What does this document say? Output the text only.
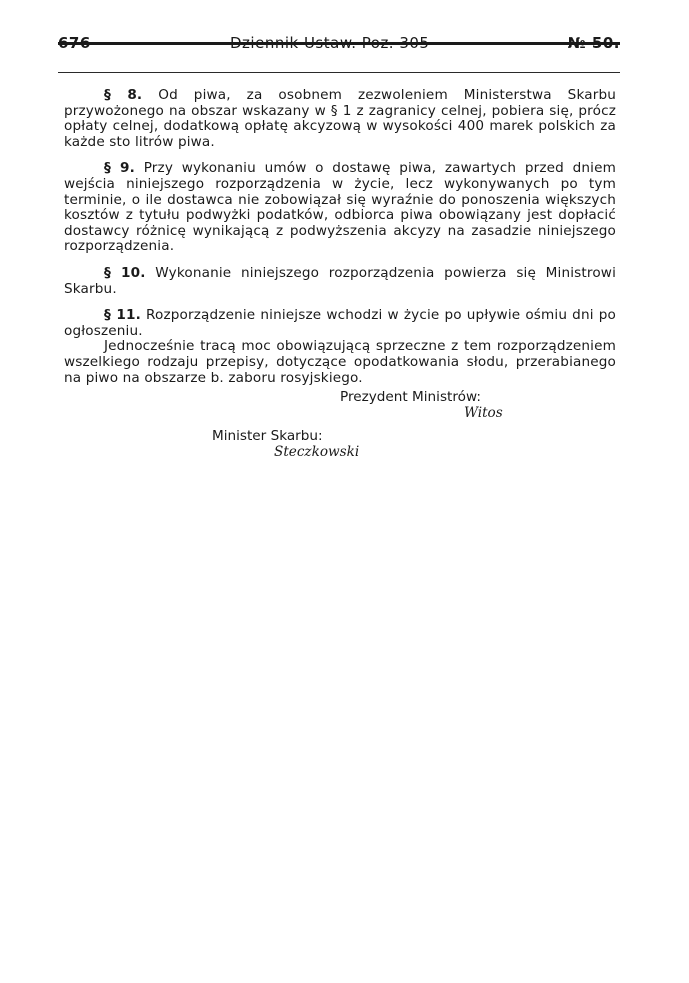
676	Dziennik Ustaw. Poz. 305	№ 50.

§ 8. Od piwa, za osobnem zezwoleniem Ministerstwa Skarbu przywożonego na obszar wskazany w § 1 z zagranicy celnej, pobiera się, prócz opłaty celnej, dodatkową opłatę akcyzową w wysokości 400 marek polskich za każde sto litrów piwa.

§ 9. Przy wykonaniu umów o dostawę piwa, zawartych przed dniem wejścia niniejszego rozporządzenia w życie, lecz wykonywanych po tym terminie, o ile dostawca nie zobowiązał się wyraźnie do ponoszenia większych kosztów z tytułu podwyżki podatków, odbiorca piwa obowiązany jest dopłacić dostawcy różnicę wynikającą z podwyższenia akcyzy na zasadzie niniejszego rozporządzenia.

§ 10. Wykonanie niniejszego rozporządzenia powierza się Ministrowi Skarbu.

§ 11. Rozporządzenie niniejsze wchodzi w życie po upływie ośmiu dni po ogłoszeniu.

Jednocześnie tracą moc obowiązującą sprzeczne z tem rozporządzeniem wszelkiego rodzaju przepisy, dotyczące opodatkowania słodu, przerabianego na piwo na obszarze b. zaboru rosyjskiego.

Prezydent Ministrów:
Witos
Minister Skarbu:
Steczkowski
